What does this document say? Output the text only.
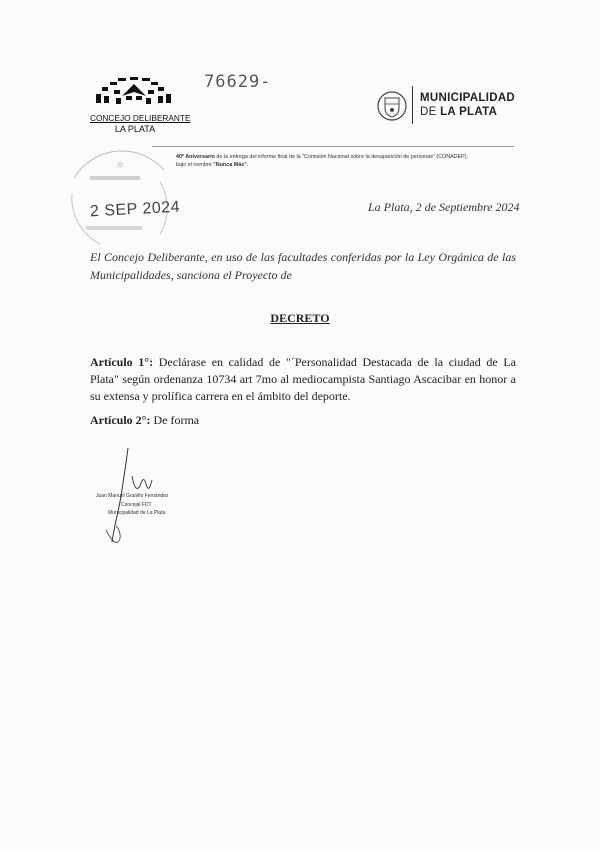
CONCEJO DELIBERANTE
LA PLATA
76629-
MUNICIPALIDAD
DE LA PLATA
40º Aniversario de la entrega del informe final de la "Comisión Nacional sobre la desaparición de personas" (CONADEP), bajo el nombre "Nunca Más".
✲
2 SEP 2024	La Plata, 2 de Septiembre 2024
El Concejo Deliberante, en uso de las facultades conferidas por la Ley Orgánica de las Municipalidades, sanciona el Proyecto de
DECRETO
Artículo 1°: Declárase en calidad de "´Personalidad Destacada de la ciudad de La Plata" según ordenanza 10734 art 7mo al mediocampista Santiago Ascacibar en honor a su extensa y prolífica carrera en el ámbito del deporte.
Artículo 2°: De forma
Juan Manuel Granillo Fernández
Concejal FDT
Municipalidad de La Plata
